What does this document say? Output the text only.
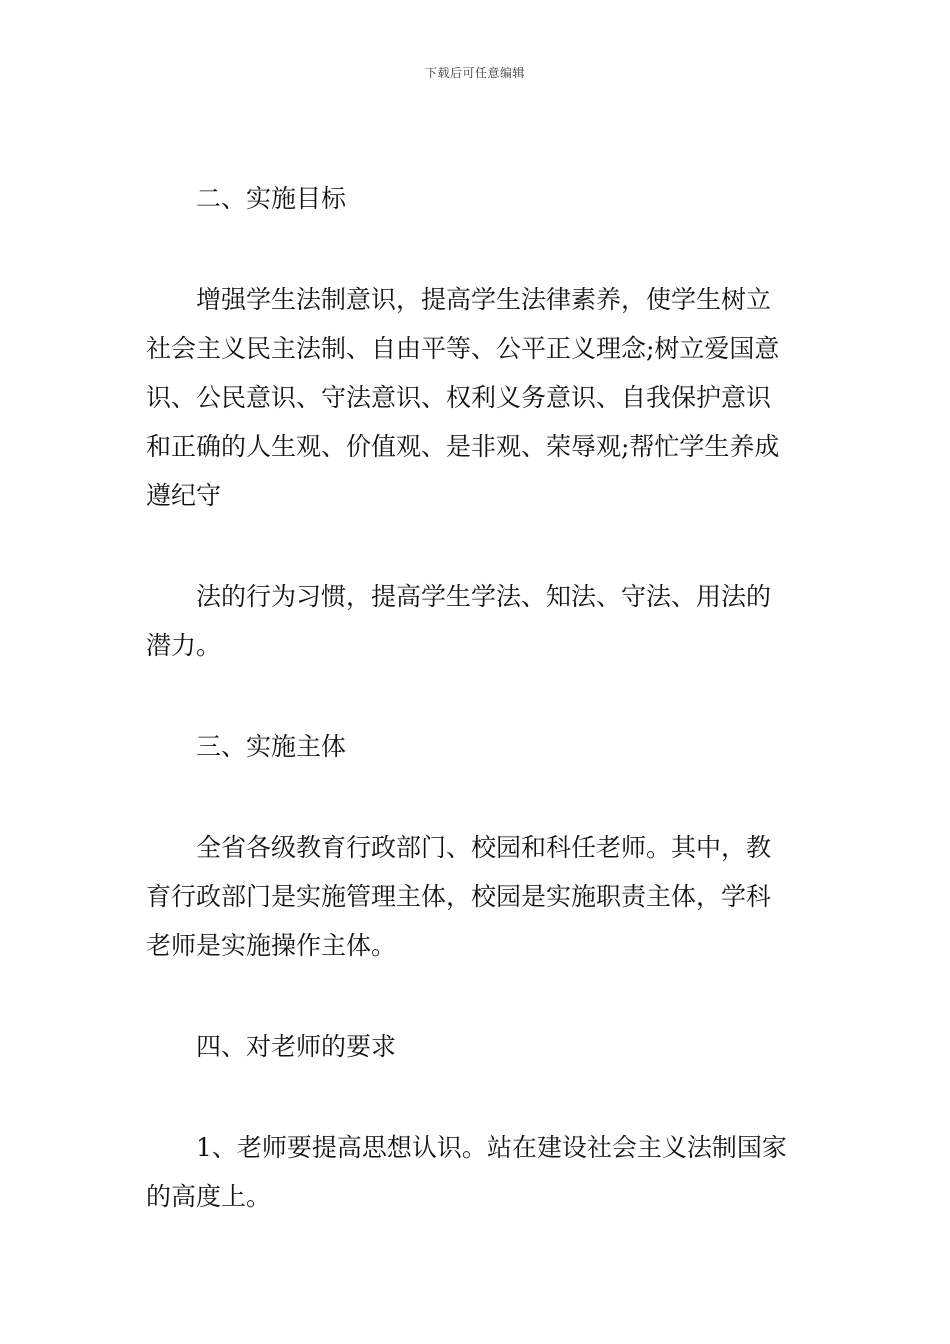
下载后可任意编辑
二、实施目标
增强学生法制意识，提高学生法律素养，使学生树立
社会主义民主法制、自由平等、公平正义理念;树立爱国意
识、公民意识、守法意识、权利义务意识、自我保护意识
和正确的人生观、价值观、是非观、荣辱观;帮忙学生养成
遵纪守
法的行为习惯，提高学生学法、知法、守法、用法的
潜力。
三、实施主体
全省各级教育行政部门、校园和科任老师。其中，教
育行政部门是实施管理主体，校园是实施职责主体，学科
老师是实施操作主体。
四、对老师的要求
1、老师要提高思想认识。站在建设社会主义法制国家
的高度上。
